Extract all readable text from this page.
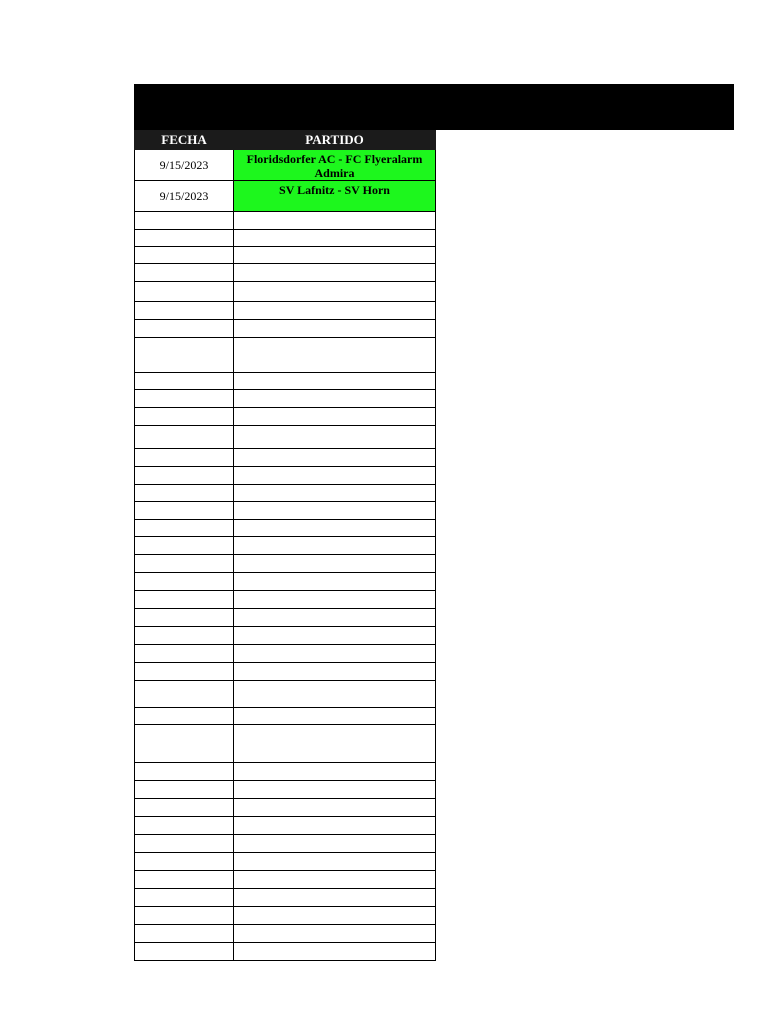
FECHA	PARTIDO
9/15/2023	Floridsdorfer AC - FC Flyeralarm Admira
9/15/2023	SV Lafnitz - SV Horn
